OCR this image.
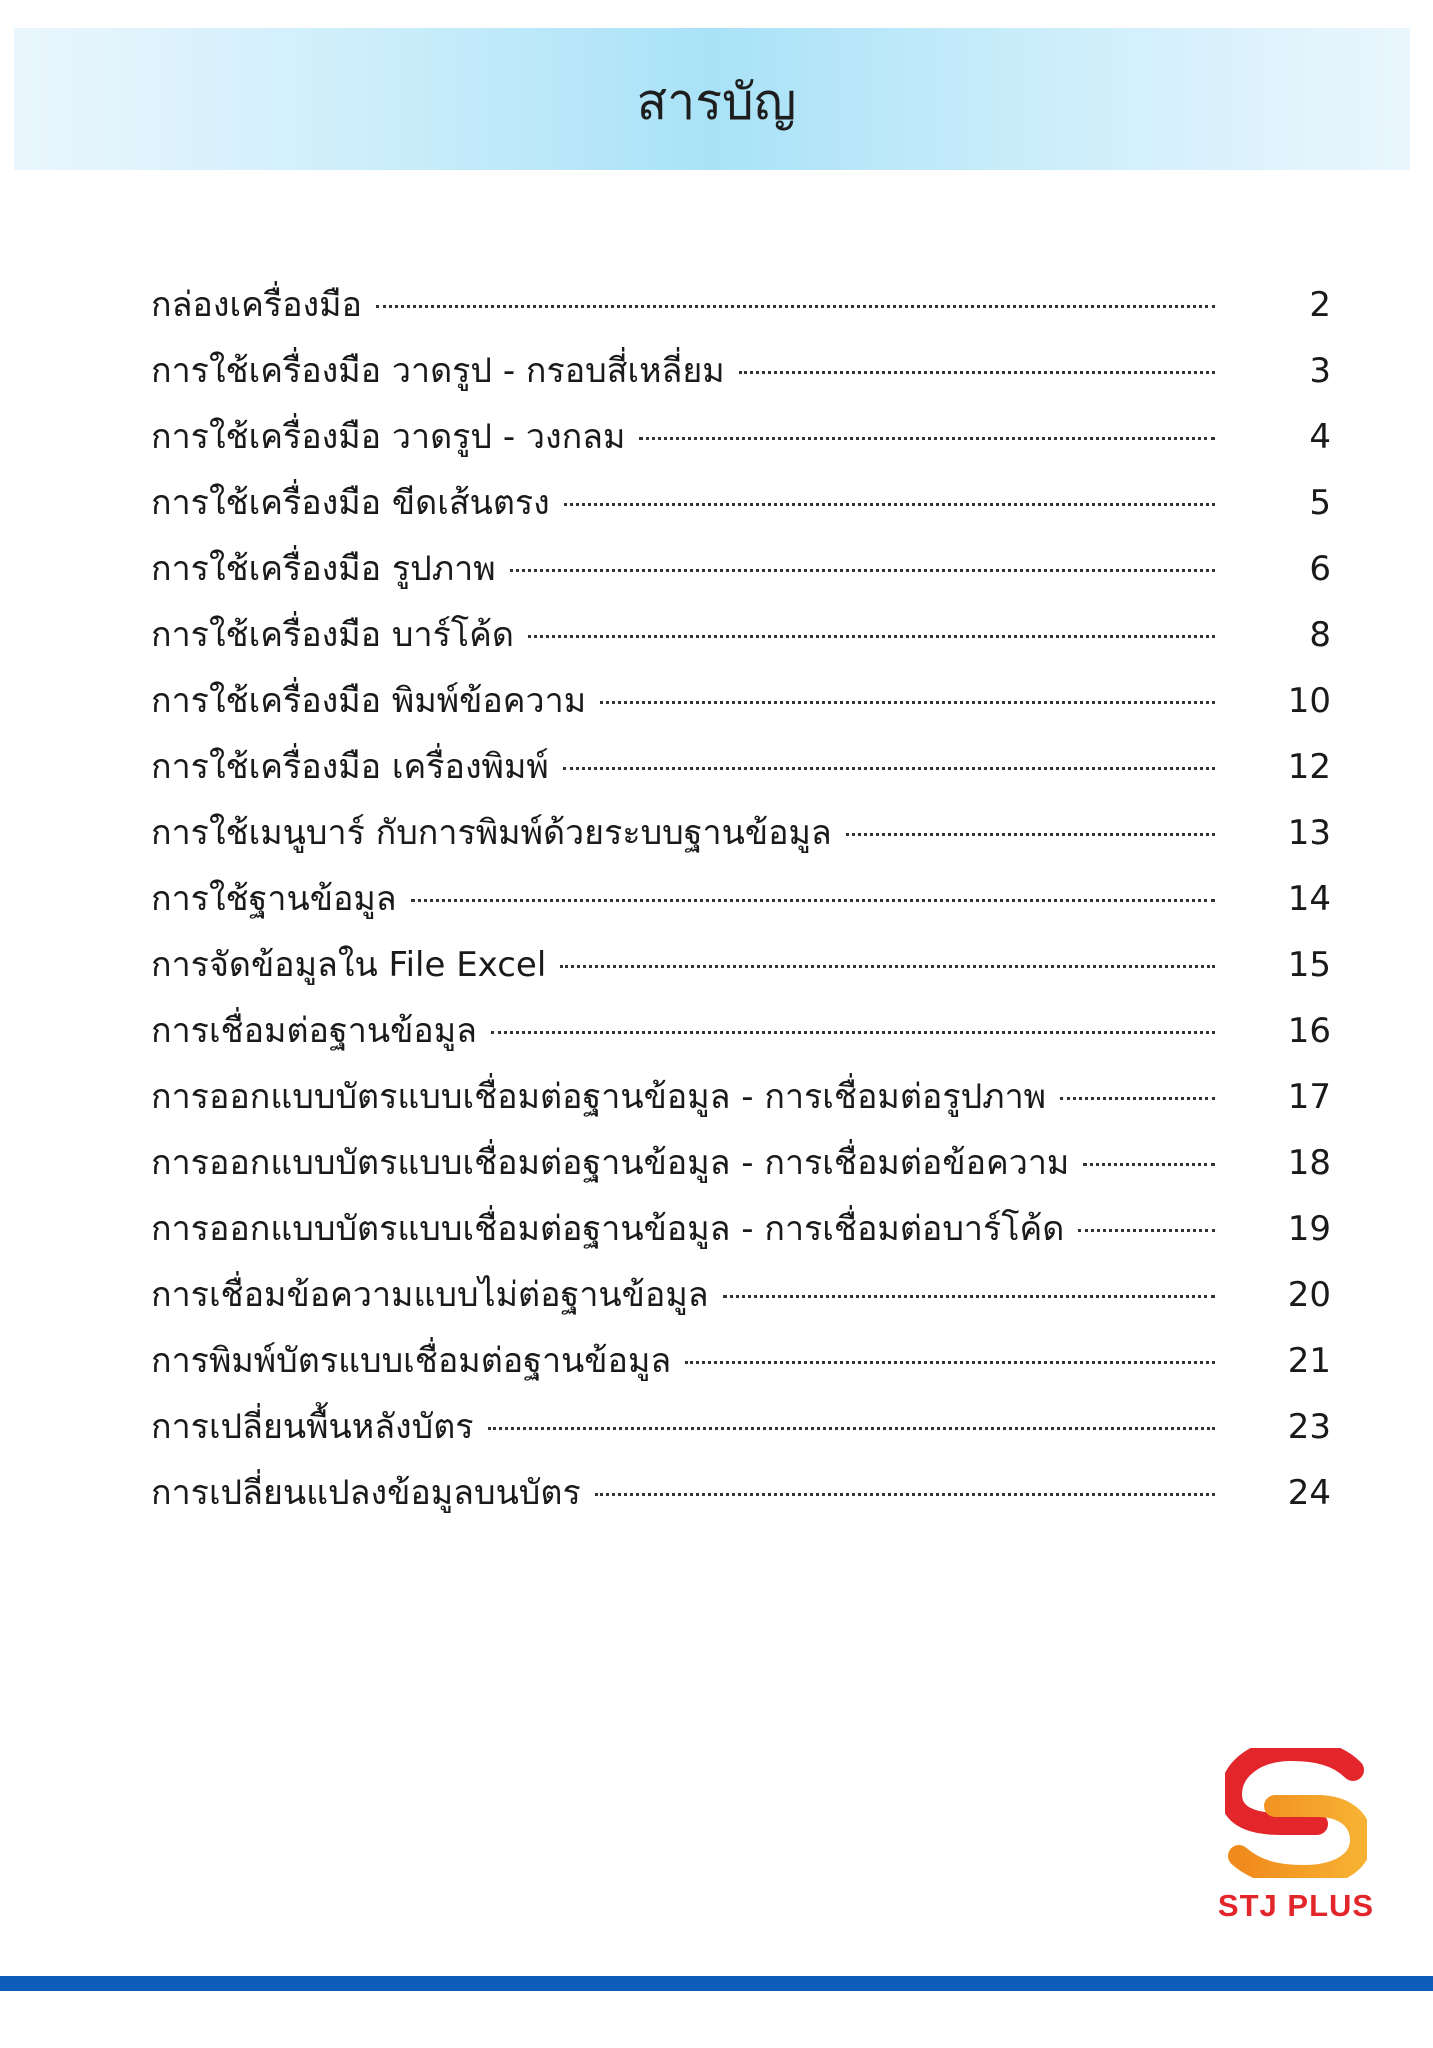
สารบัญ
กล่องเครื่องมือ	2
การใช้เครื่องมือ วาดรูป - กรอบสี่เหลี่ยม	3
การใช้เครื่องมือ วาดรูป - วงกลม	4
การใช้เครื่องมือ ขีดเส้นตรง	5
การใช้เครื่องมือ รูปภาพ	6
การใช้เครื่องมือ บาร์โค้ด	8
การใช้เครื่องมือ พิมพ์ข้อความ	10
การใช้เครื่องมือ เครื่องพิมพ์	12
การใช้เมนูบาร์ กับการพิมพ์ด้วยระบบฐานข้อมูล	13
การใช้ฐานข้อมูล	14
การจัดข้อมูลใน File Excel	15
การเชื่อมต่อฐานข้อมูล	16
การออกแบบบัตรแบบเชื่อมต่อฐานข้อมูล - การเชื่อมต่อรูปภาพ	17
การออกแบบบัตรแบบเชื่อมต่อฐานข้อมูล - การเชื่อมต่อข้อความ	18
การออกแบบบัตรแบบเชื่อมต่อฐานข้อมูล - การเชื่อมต่อบาร์โค้ด	19
การเชื่อมข้อความแบบไม่ต่อฐานข้อมูล	20
การพิมพ์บัตรแบบเชื่อมต่อฐานข้อมูล	21
การเปลี่ยนพื้นหลังบัตร	23
การเปลี่ยนแปลงข้อมูลบนบัตร	24
STJ PLUS
